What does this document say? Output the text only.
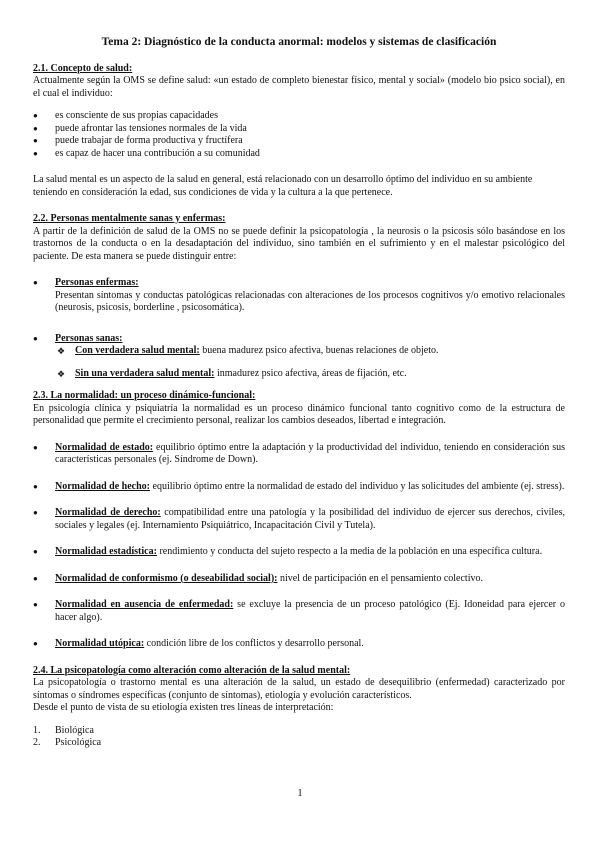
Tema 2: Diagnóstico de la conducta anormal: modelos y sistemas de clasificación
2.1. Concepto de salud:

Actualmente según la OMS se define salud: «un estado de completo bienestar físico, mental y social» (modelo bio psico social), en el cual el individuo:

● es consciente de sus propias capacidades
● puede afrontar las tensiones normales de la vida
● puede trabajar de forma productiva y fructífera
● es capaz de hacer una contribución a su comunidad

La salud mental es un aspecto de la salud en general, está relacionado con un desarrollo óptimo del individuo en su ambiente

teniendo en consideración la edad, sus condiciones de vida y la cultura a la que pertenece.

2.2. Personas mentalmente sanas y enfermas:

A partir de la definición de salud de la OMS no se puede definir la psicopatología , la neurosis o la psicosis sólo basándose en los trastornos de la conducta o en la desadaptación del individuo, sino también en el sufrimiento y en el malestar psicológico del paciente. De esta manera se puede distinguir entre:

● Personas enfermas:

Presentan síntomas y conductas patológicas relacionadas con alteraciones de los procesos cognitivos y/o emotivo relacionales (neurosis, psicosis, borderline , psicosomática).

● Personas sanas:
❖ Con verdadera salud mental: buena madurez psico afectiva, buenas relaciones de objeto.
❖ Sin una verdadera salud mental: inmadurez psico afectiva, áreas de fijación, etc.
2.3. La normalidad: un proceso dinámico-funcional:

En psicología clínica y psiquiatría la normalidad es un proceso dinámico funcional tanto cognitivo como de la estructura de personalidad que permite el crecimiento personal, realizar los cambios deseados, libertad e integración.

● Normalidad de estado: equilibrio óptimo entre la adaptación y la productividad del individuo, teniendo en consideración sus características personales (ej. Síndrome de Down).
● Normalidad de hecho: equilibrio óptimo entre la normalidad de estado del individuo y las solicitudes del ambiente (ej. stress).
● Normalidad de derecho: compatibilidad entre una patología y la posibilidad del individuo de ejercer sus derechos, civiles, sociales y legales (ej. Internamiento Psiquiátrico, Incapacitación Civil y Tutela).
● Normalidad estadística: rendimiento y conducta del sujeto respecto a la media de la población en una específica cultura.
● Normalidad de conformismo (o deseabilidad social): nivel de participación en el pensamiento colectivo.
● Normalidad en ausencia de enfermedad: se excluye la presencia de un proceso patológico (Ej. Idoneidad para ejercer o hacer algo).
● Normalidad utópica: condición libre de los conflictos y desarrollo personal.
2.4. La psicopatología como alteración como alteración de la salud mental:

La psicopatología o trastorno mental es una alteración de la salud, un estado de desequilibrio (enfermedad) caracterizado por síntomas o síndromes específicas (conjunto de síntomas), etiología y evolución característicos.

Desde el punto de vista de su etiología existen tres líneas de interpretación:

1. Biológica
2. Psicológica
1
